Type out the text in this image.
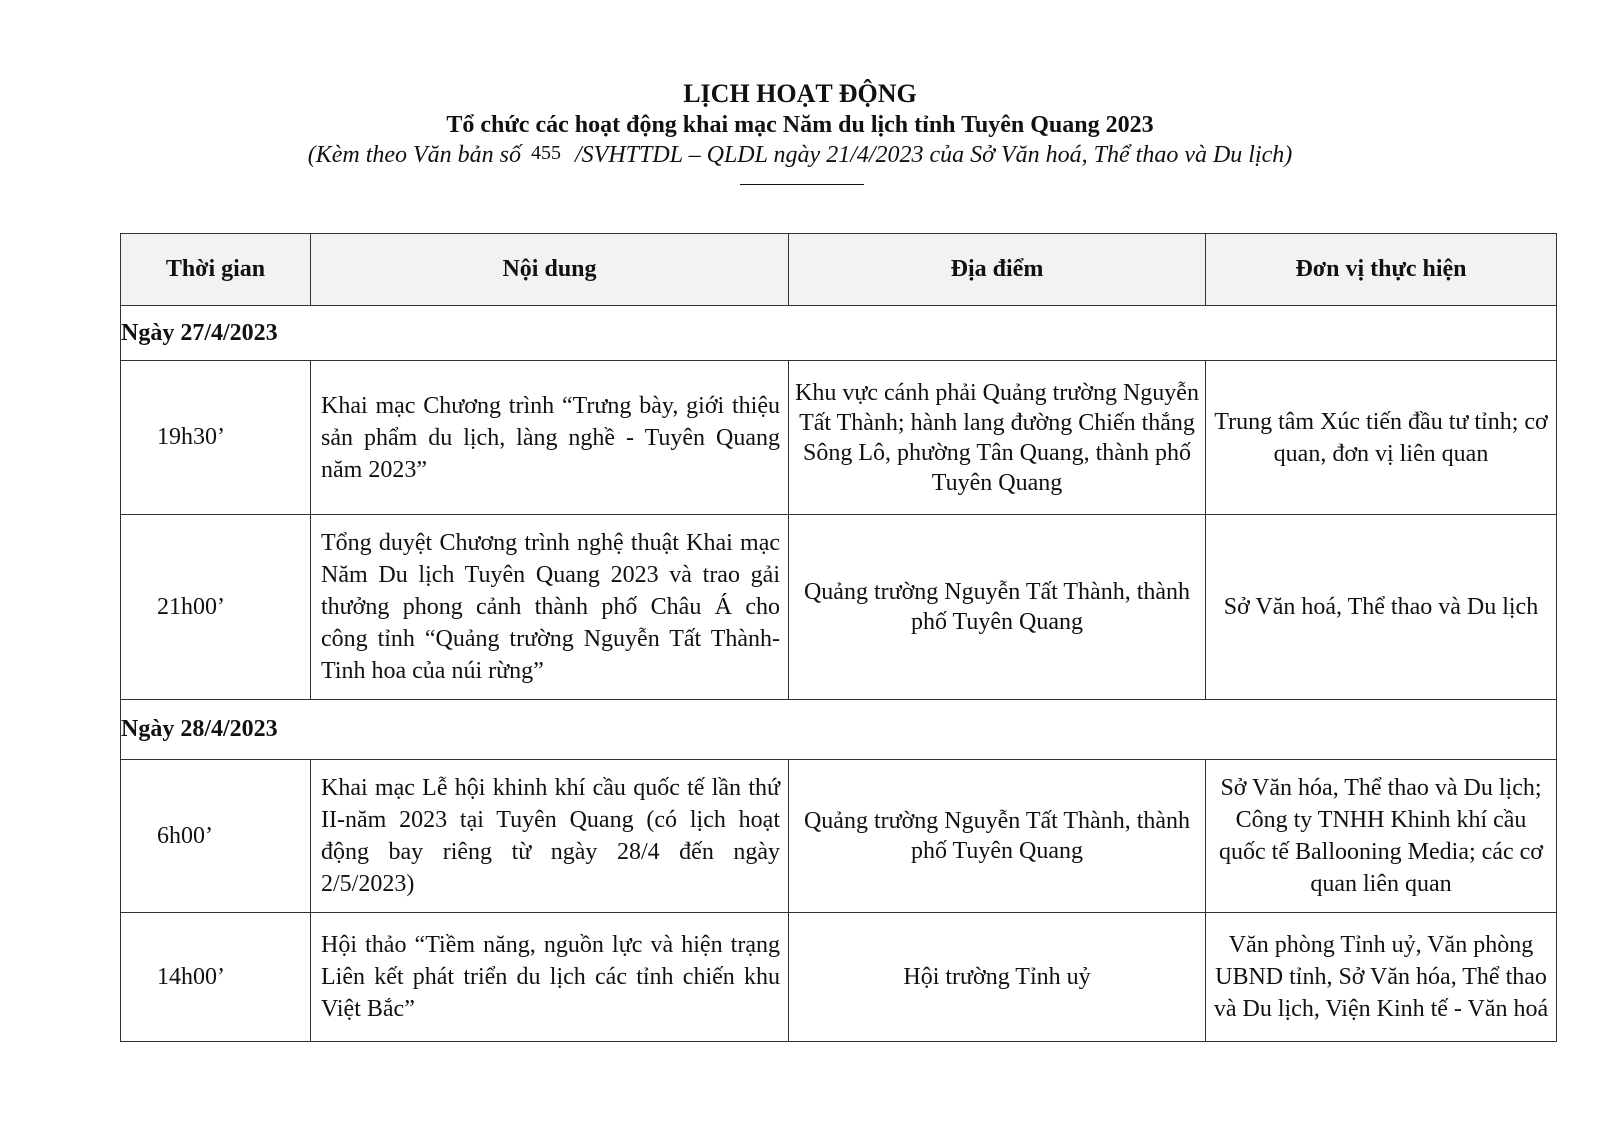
LỊCH HOẠT ĐỘNG
Tổ chức các hoạt động khai mạc Năm du lịch tỉnh Tuyên Quang 2023
(Kèm theo Văn bản số 455 /SVHTTDL – QLDL ngày 21/4/2023 của Sở Văn hoá, Thể thao và Du lịch)
Thời gian	Nội dung	Địa điểm	Đơn vị thực hiện
Ngày 27/4/2023			
19h30’	Khai mạc Chương trình “Trưng bày, giới thiệu sản phẩm du lịch, làng nghề - Tuyên Quang năm 2023”	Khu vực cánh phải Quảng trường Nguyễn Tất Thành; hành lang đường Chiến thắng Sông Lô, phường Tân Quang, thành phố Tuyên Quang	Trung tâm Xúc tiến đầu tư tỉnh; cơ quan, đơn vị liên quan
21h00’	Tổng duyệt Chương trình nghệ thuật Khai mạc Năm Du lịch Tuyên Quang 2023 và trao gải thưởng phong cảnh thành phố Châu Á cho công tỉnh “Quảng trường Nguyễn Tất Thành- Tinh hoa của núi rừng”	Quảng trường Nguyễn Tất Thành, thành phố Tuyên Quang	Sở Văn hoá, Thể thao và Du lịch
Ngày 28/4/2023			
6h00’	Khai mạc Lễ hội khinh khí cầu quốc tế lần thứ II-năm 2023 tại Tuyên Quang (có lịch hoạt động bay riêng từ ngày 28/4 đến ngày 2/5/2023)	Quảng trường Nguyễn Tất Thành, thành phố Tuyên Quang	Sở Văn hóa, Thể thao và Du lịch; Công ty TNHH Khinh khí cầu quốc tế Ballooning Media; các cơ quan liên quan
14h00’	Hội thảo “Tiềm năng, nguồn lực và hiện trạng Liên kết phát triển du lịch các tỉnh chiến khu Việt Bắc”	Hội trường Tỉnh uỷ	Văn phòng Tỉnh uỷ, Văn phòng UBND tỉnh, Sở Văn hóa, Thể thao và Du lịch, Viện Kinh tế - Văn hoá
